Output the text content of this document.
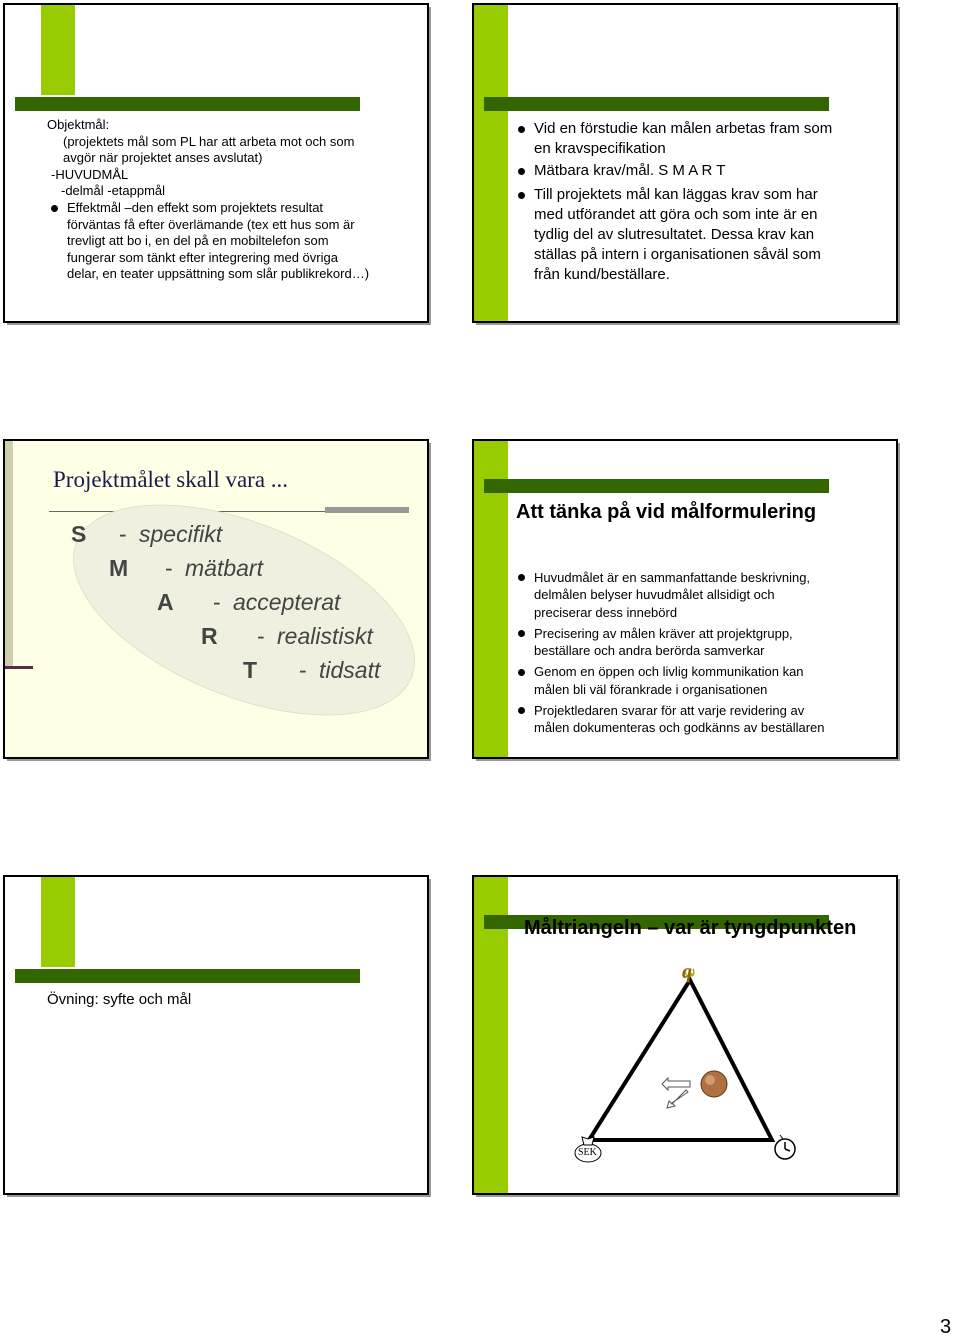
Objektmål:
(projektets mål som PL har att arbeta mot och som
avgör när projektet anses avslutat)
-HUVUDMÅL
-delmål -etappmål
Effektmål –den effekt som projektets resultat
förväntas få efter överlämande (tex ett hus som är
trevligt att bo i, en del på en mobiltelefon som
fungerar som tänkt efter integrering med övriga
delar, en teater uppsättning som slår publikrekord…)
Vid en förstudie kan målen arbetas fram som
en kravspecifikation
Mätbara krav/mål. S M A R T
Till projektets mål kan läggas krav som har
med utförandet att göra och som inte är en
tydlig del av slutresultatet. Dessa krav kan
ställas på intern i organisationen såväl som
från kund/beställare.
Projektmålet skall vara ...
S - specifikt
M - mätbart
A - accepterat
R - realistiskt
T - tidsatt
Att tänka på vid målformulering
Huvudmålet är en sammanfattande beskrivning,
delmålen belyser huvudmålet allsidigt och
preciserar dess innebörd
Precisering av målen kräver att projektgrupp,
beställare och andra berörda samverkar
Genom en öppen och livlig kommunikation kan
målen bli väl förankrade i organisationen
Projektledaren svarar för att varje revidering av
målen dokumenteras och godkänns av beställaren
Övning: syfte och mål
Måltriangeln – var är tyngdpunkten
q
SEK
3
